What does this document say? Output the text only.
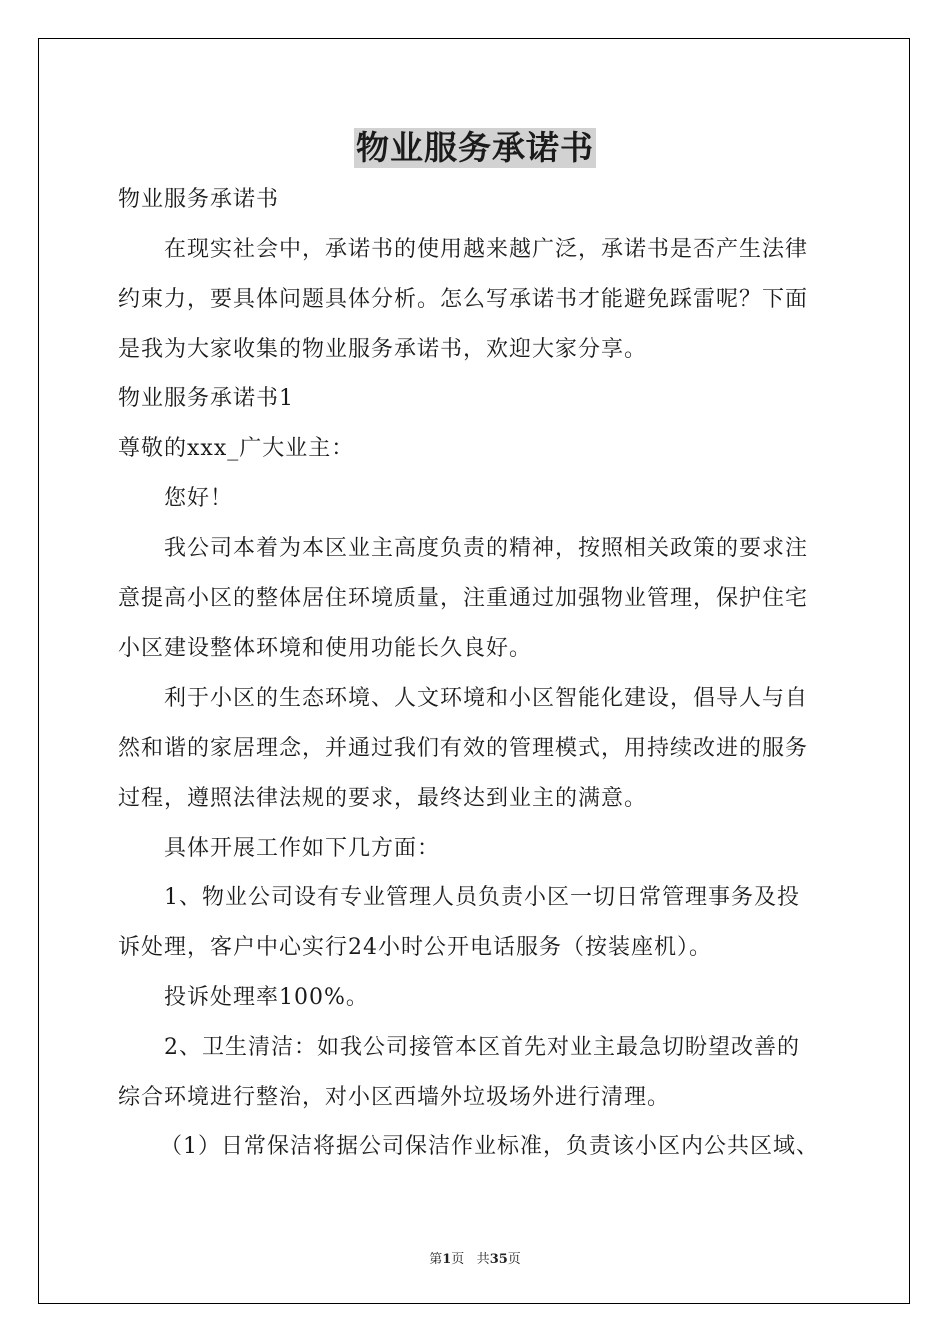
物业服务承诺书
物业服务承诺书
在现实社会中，承诺书的使用越来越广泛，承诺书是否产生法律
约束力，要具体问题具体分析。怎么写承诺书才能避免踩雷呢？下面
是我为大家收集的物业服务承诺书，欢迎大家分享。
物业服务承诺书1
尊敬的xxx_广大业主：
您好！
我公司本着为本区业主高度负责的精神，按照相关政策的要求注
意提高小区的整体居住环境质量，注重通过加强物业管理，保护住宅
小区建设整体环境和使用功能长久良好。
利于小区的生态环境、人文环境和小区智能化建设，倡导人与自
然和谐的家居理念，并通过我们有效的管理模式，用持续改进的服务
过程，遵照法律法规的要求，最终达到业主的满意。
具体开展工作如下几方面：
1、物业公司设有专业管理人员负责小区一切日常管理事务及投
诉处理，客户中心实行24小时公开电话服务（按装座机）。
投诉处理率100%。
2、卫生清洁：如我公司接管本区首先对业主最急切盼望改善的
综合环境进行整治，对小区西墙外垃圾场外进行清理。
（1）日常保洁将据公司保洁作业标准，负责该小区内公共区域、
第1页 共35页
